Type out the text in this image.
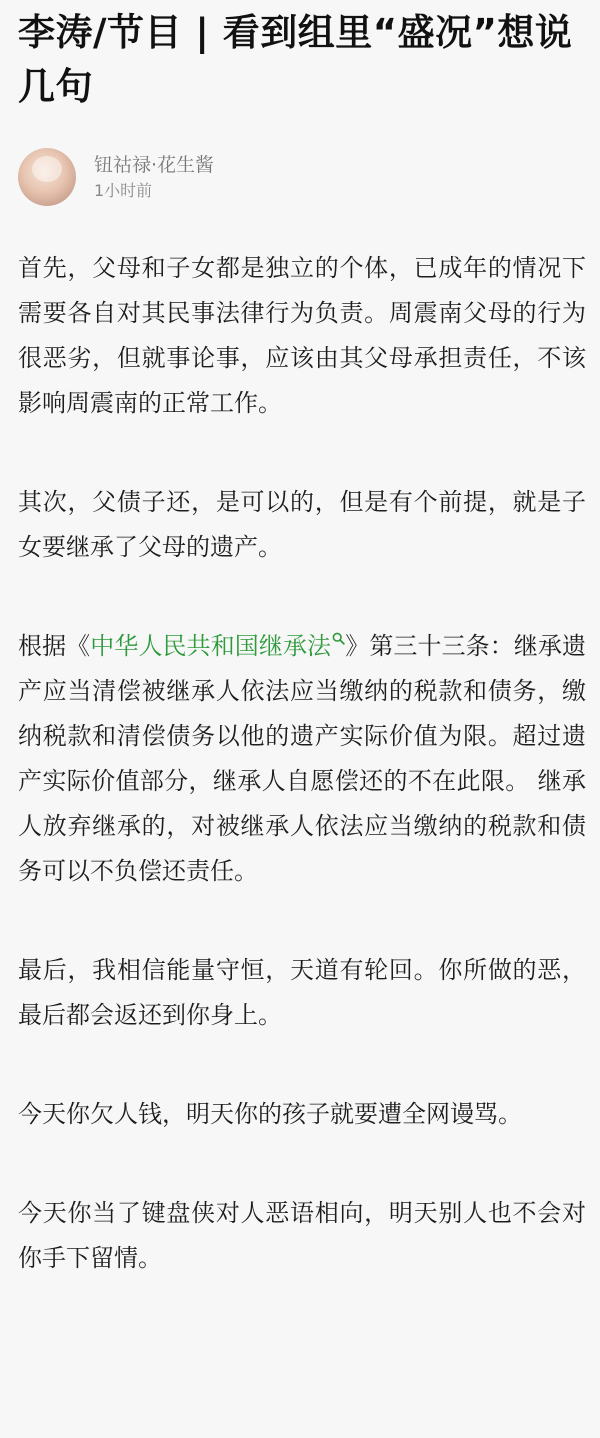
李涛/节目 | 看到组里“盛况”想说几句
钮祜禄·花生酱
1小时前

首先，父母和子女都是独立的个体，已成年的情况下需要各自对其民事法律行为负责。周震南父母的行为很恶劣，但就事论事，应该由其父母承担责任，不该影响周震南的正常工作。

其次，父债子还，是可以的，但是有个前提，就是子女要继承了父母的遗产。

根据《中华人民共和国继承法 》第三十三条：继承遗产应当清偿被继承人依法应当缴纳的税款和债务，缴纳税款和清偿债务以他的遗产实际价值为限。超过遗产实际价值部分，继承人自愿偿还的不在此限。 继承人放弃继承的，对被继承人依法应当缴纳的税款和债务可以不负偿还责任。

最后，我相信能量守恒，天道有轮回。你所做的恶，最后都会返还到你身上。

今天你欠人钱，明天你的孩子就要遭全网谩骂。

今天你当了键盘侠对人恶语相向，明天别人也不会对你手下留情。
